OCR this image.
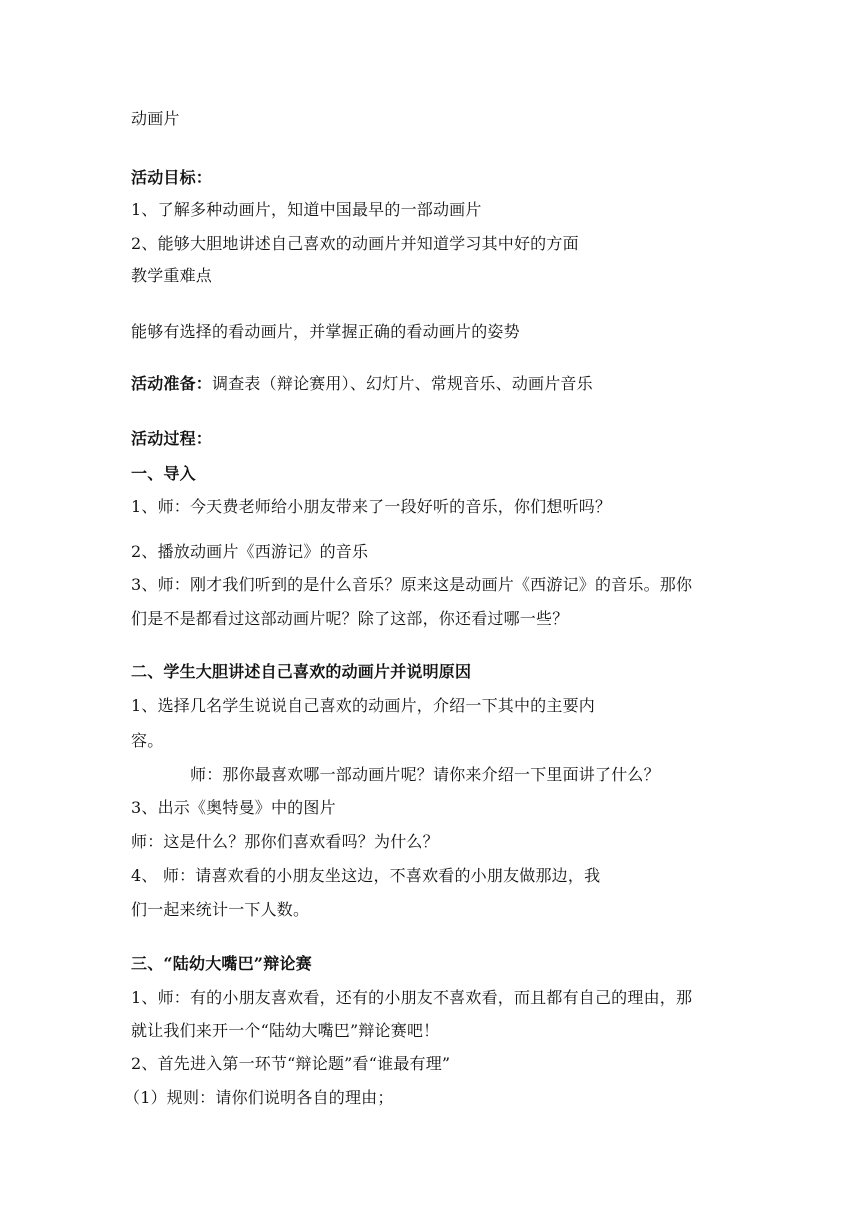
动画片
活动目标：
1、了解多种动画片，知道中国最早的一部动画片
2、能够大胆地讲述自己喜欢的动画片并知道学习其中好的方面
教学重难点
能够有选择的看动画片，并掌握正确的看动画片的姿势
活动准备：调查表（辩论赛用）、幻灯片、常规音乐、动画片音乐
活动过程：
一、导入
1、师：今天费老师给小朋友带来了一段好听的音乐，你们想听吗？
2、播放动画片《西游记》的音乐
3、师：刚才我们听到的是什么音乐？原来这是动画片《西游记》的音乐。那你
们是不是都看过这部动画片呢？除了这部，你还看过哪一些？
二、学生大胆讲述自己喜欢的动画片并说明原因
1、选择几名学生说说自己喜欢的动画片，介绍一下其中的主要内
容。
师：那你最喜欢哪一部动画片呢？请你来介绍一下里面讲了什么？
3、出示《奥特曼》中的图片
师：这是什么？那你们喜欢看吗？为什么？
4、 师：请喜欢看的小朋友坐这边，不喜欢看的小朋友做那边，我
们一起来统计一下人数。
三、“陆幼大嘴巴”辩论赛
1、师：有的小朋友喜欢看，还有的小朋友不喜欢看，而且都有自己的理由，那
就让我们来开一个“陆幼大嘴巴”辩论赛吧！
2、首先进入第一环节“辩论题”看“谁最有理”
（1）规则：请你们说明各自的理由；
